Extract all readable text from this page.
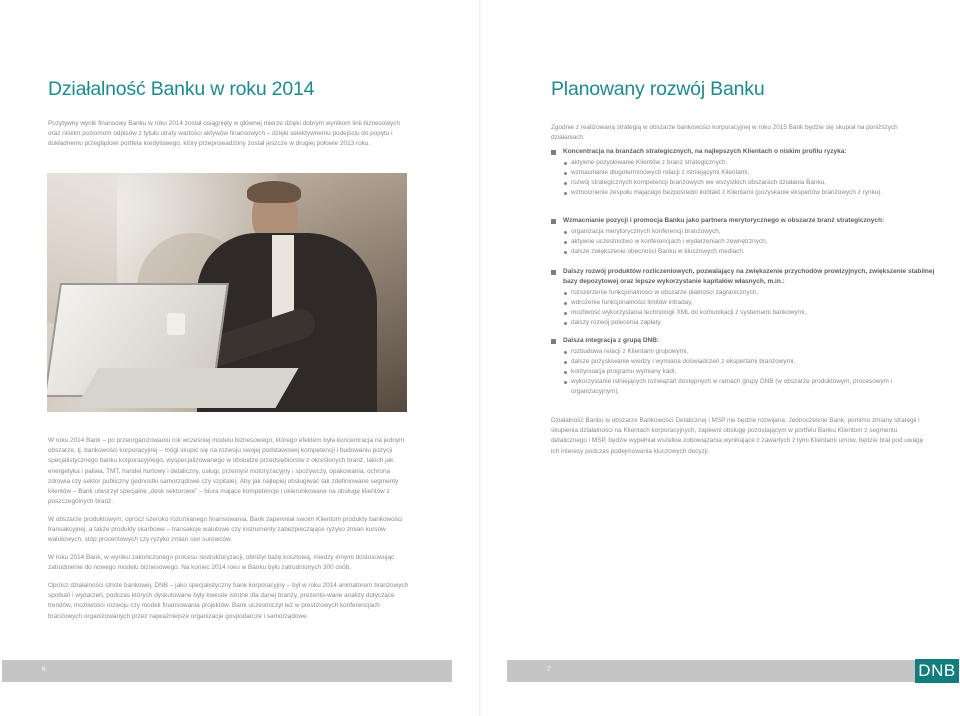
Działalność Banku w roku 2014

Pozytywny wynik finansowy Banku w roku 2014 został osiągnięty w głównej mierze dzięki dobrym wynikom linii biznesowych oraz niskim poziomom odpisów z tytułu utraty wartości aktywów finansowych – dzięki selektywnemu podejściu do popytu i dokładnemu przeglądowi portfela kredytowego, który przeprowadzony został jeszcze w drugiej połowie 2013 roku.

W roku 2014 Bank – po przeorganizowaniu rok wcześniej modelu biznesowego, którego efektem była koncentracja na jednym obszarze, tj. bankowości korporacyjnej – mógł skupić się na rozwoju swojej podstawowej kompetencji i budowaniu pozycji specjalistycznego banku korporacyjnego, wyspecjalizowanego w obsłudze przedsiębiorstw z określonych branż, takich jak energetyka i paliwa, TMT, handel hurtowy i detaliczny, usługi, przemysł motoryzacyjny i spożywczy, opakowania, ochrona zdrowia czy sektor publiczny (jednostki samorządowe czy szpitale). Aby jak najlepiej obsługiwać tak zdefiniowane segmenty klientów – Bank utworzył specjalne „desk sektorowe” – biura mające kompetencje i ukierunkowane na obsługę klientów z poszczególnych branż.

W obszarze produktowym, oprócz szeroko rozumianego finansowania, Bank zapewniał swoim Klientom produkty bankowości transakcyjnej, a także produkty skarbowe – transakcje walutowe czy instrumenty zabezpieczające ryzyko zmian kursów walutowych, stóp procentowych czy ryzyko zmian cen surowców.

W roku 2014 Bank, w wyniku zakończonego procesu restrukturyzacji, obniżył bazę kosztową, miedzy innymi dostosowując zatrudnienie do nowego modelu biznesowego. Na koniec 2014 roku w Banku było zatrudnionych 300 osób.

Oprócz działalności stricte bankowej, DNB – jako specjalistyczny bank korporacyjny – był w roku 2014 animatorem branżowych spotkań i wydarzeń, podczas których dyskutowane były kwestie istotne dla danej branży, prezento-wane analizy dotyczące trendów, możliwości rozwoju czy modeli finansowania projektów. Bank uczestniczył też w prestiżowych konferencjach branżowych organizowanych przez najważniejsze organizacje gospodarcze i samorządowe.

6
Planowany rozwój Banku

Zgodnie z realizowaną strategią w obszarze bankowości korporacyjnej w roku 2015 Bank będzie się skupiał na poniższych działaniach:

Koncentracja na branżach strategicznych, na najlepszych Klientach o niskim profilu ryzyka:
aktywne pozyskiwanie Klientów z branż strategicznych,
wzmacnianie długoterminowych relacji z istniejącymi Klientami,
rozwój strategicznych kompetencji branżowych we wszystkich obszarach działania Banku,
wzmocnienie zespołu mającego bezpośredni kontakt z Klientami (pozyskanie ekspertów branżowych z rynku).
Wzmacnianie pozycji i promocja Banku jako partnera merytorycznego w obszarze branż strategicznych:
organizacja merytorycznych konferencji branżowych,
aktywne uczestnictwo w konferencjach i wydarzeniach zewnętrznych,
dalsze zwiększenie obecności Banku w kluczowych mediach.
Dalszy rozwój produktów rozliczeniowych, pozwalający na zwiększenie przychodów prowizyjnych, zwiększenie stabilnej bazy depozytowej oraz lepsze wykorzystanie kapitałów własnych, m.in.:
rozszerzenie funkcjonalności w obszarze płatności zagranicznych,
wdrożenie funkcjonalności limitów intraday,
możliwość wykorzystania technologii XML do komunikacji z systemami bankowymi,
dalszy rozwój polecenia zapłaty.
Dalsza integracja z grupą DNB:
rozbudowa relacji z Klientami grupowymi,
dalsze pozyskiwanie wiedzy i wymiana doświadczeń z ekspertami branżowymi,
kontynuacja programu wymiany kadr,
wykorzystanie istniejących rozwiązań dostępnych w ramach grupy DNB (w obszarze produktowym, procesowym i organizacyjnym).

Działalność Banku w obszarze Bankowości Detalicznej i MSP nie będzie rozwijana. Jednocześnie Bank, pomimo zmiany strategii i skupienia działalności na Klientach korporacyjnych, zapewni obsługę pozostającym w portfelu Banku Klientom z segmentu detalicznego i MSP, będzie wypełniał wszelkie zobowiązania wynikające z zawartych z tymi Klientami umów, będzie brał pod uwagę ich interesy podczas podejmowania kluczowych decyzji.

7	DNB
